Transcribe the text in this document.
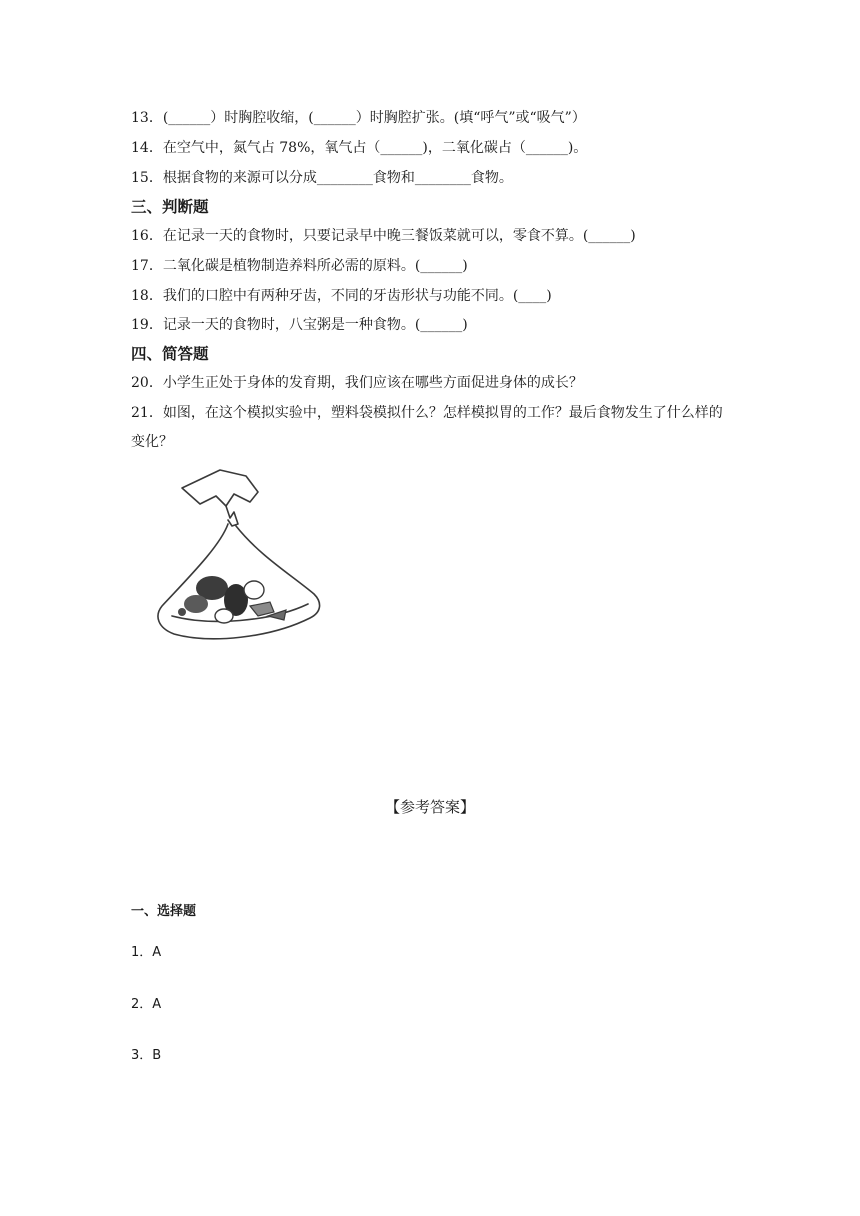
13．(______）时胸腔收缩，(______）时胸腔扩张。(填“呼气”或“吸气”）
14．在空气中，氮气占 78%，氧气占（______)，二氧化碳占（______)。
15．根据食物的来源可以分成________食物和________食物。
三、判断题
16．在记录一天的食物时，只要记录早中晚三餐饭菜就可以，零食不算。(______)
17．二氧化碳是植物制造养料所必需的原料。(______)
18．我们的口腔中有两种牙齿，不同的牙齿形状与功能不同。(____)
19．记录一天的食物时，八宝粥是一种食物。(______)
四、简答题
20．小学生正处于身体的发育期，我们应该在哪些方面促进身体的成长？
21．如图，在这个模拟实验中，塑料袋模拟什么？怎样模拟胃的工作？最后食物发生了什么样的变化？
【参考答案】
一、选择题
1．A
2．A
3．B
